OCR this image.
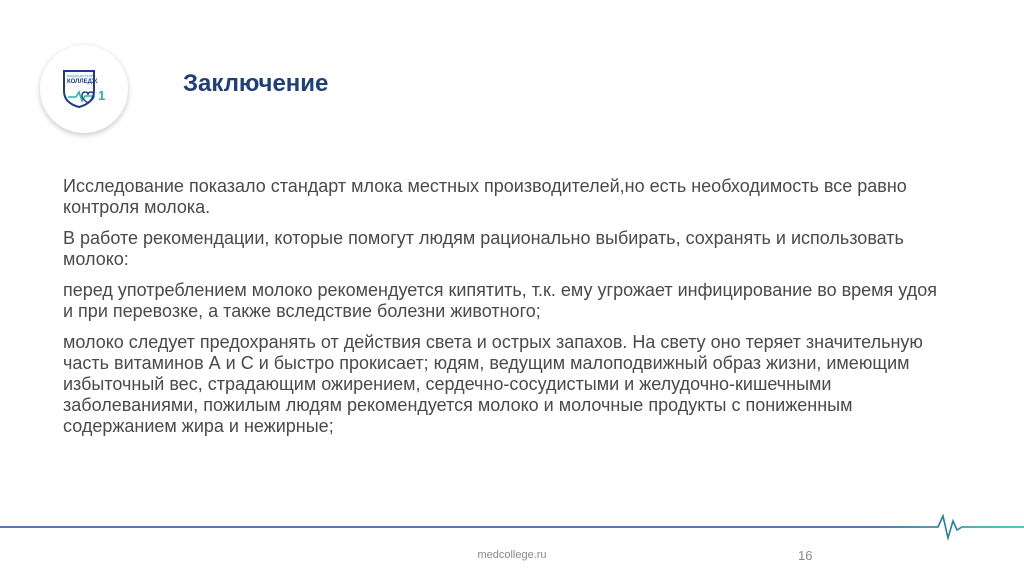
1
медицинский
КОЛЛЕДЖ	Заключение

Исследование показало стандарт млока местных производителей,но есть необходимость все равно контроля молока.

В работе рекомендации, которые помогут людям рационально выбирать, сохранять и использовать молоко:

перед употреблением молоко рекомендуется кипятить, т.к. ему угрожает инфицирование во время удоя и при перевозке, а также вследствие болезни животного;

молоко следует предохранять от действия света и острых запахов. На свету оно теряет значительную часть витаминов А и С и быстро прокисает; юдям, ведущим малоподвижный образ жизни, имеющим избыточный вес, страдающим ожирением, сердечно-сосудистыми и желудочно-кишечными заболеваниями, пожилым людям рекомендуется молоко и молочные продукты с пониженным содержанием жира и нежирные;

medcollege.ru	16
